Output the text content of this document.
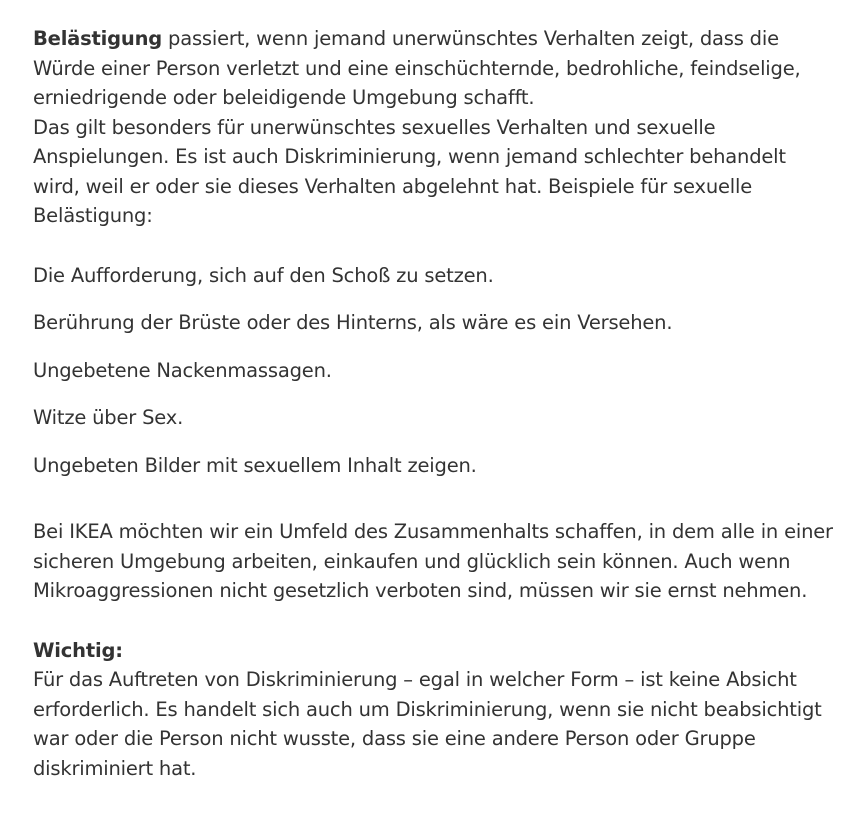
Belästigung passiert, wenn jemand unerwünschtes Verhalten zeigt, dass die Würde einer Person verletzt und eine einschüchternde, bedrohliche, feindselige, erniedrigende oder beleidigende Umgebung schafft.
Das gilt besonders für unerwünschtes sexuelles Verhalten und sexuelle Anspielungen. Es ist auch Diskriminierung, wenn jemand schlechter behandelt wird, weil er oder sie dieses Verhalten abgelehnt hat. Beispiele für sexuelle Belästigung:

Die Aufforderung, sich auf den Schoß zu setzen.
Berührung der Brüste oder des Hinterns, als wäre es ein Versehen.
Ungebetene Nackenmassagen.
Witze über Sex.
Ungebeten Bilder mit sexuellem Inhalt zeigen.

Bei IKEA möchten wir ein Umfeld des Zusammenhalts schaffen, in dem alle in einer sicheren Umgebung arbeiten, einkaufen und glücklich sein können. Auch wenn Mikroaggressionen nicht gesetzlich verboten sind, müssen wir sie ernst nehmen.

Wichtig:
Für das Auftreten von Diskriminierung – egal in welcher Form – ist keine Absicht erforderlich. Es handelt sich auch um Diskriminierung, wenn sie nicht beabsichtigt war oder die Person nicht wusste, dass sie eine andere Person oder Gruppe diskriminiert hat.
